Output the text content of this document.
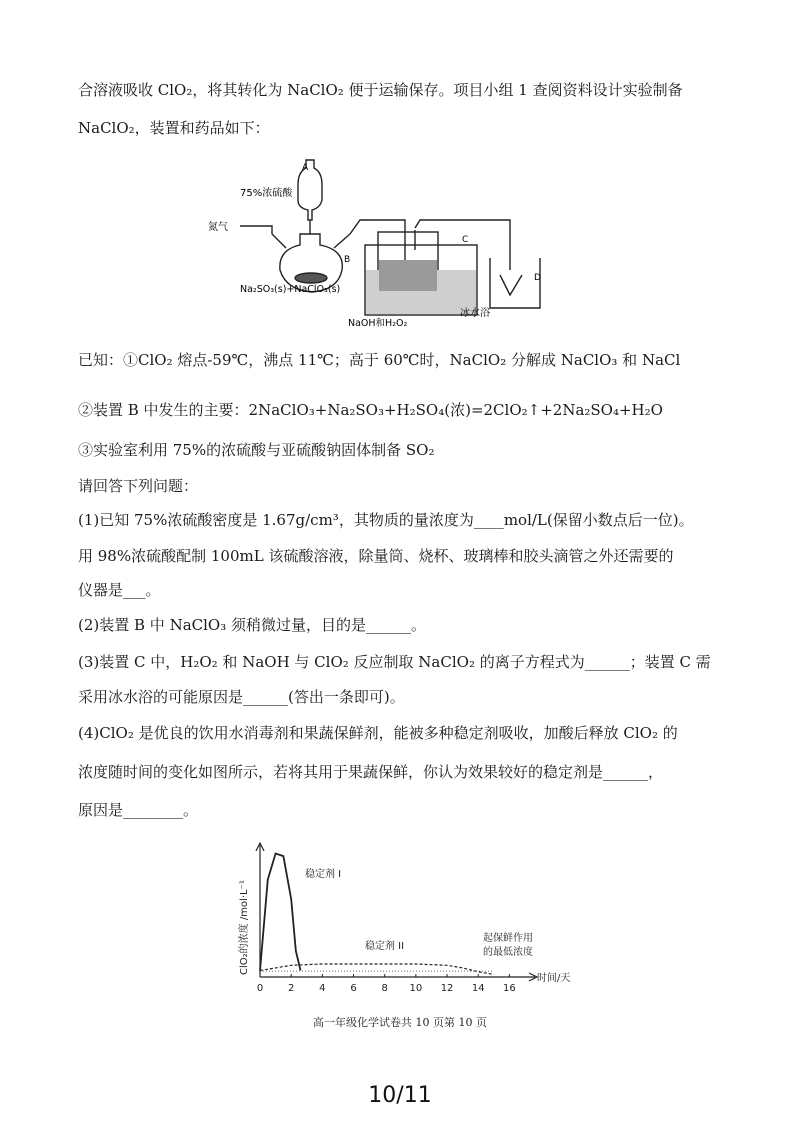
合溶液吸收 ClO₂，将其转化为 NaClO₂ 便于运输保存。项目小组 1 查阅资料设计实验制备
NaClO₂，装置和药品如下：
A
75%浓硫酸
氮气
B
Na₂SO₃(s)+NaClO₃(s)
C
NaOH和H₂O₂
冰水浴
D
已知：①ClO₂ 熔点-59℃，沸点 11℃；高于 60℃时，NaClO₂ 分解成 NaClO₃ 和 NaCl
②装置 B 中发生的主要：2NaClO₃+Na₂SO₃+H₂SO₄(浓)=2ClO₂↑+2Na₂SO₄+H₂O
③实验室利用 75%的浓硫酸与亚硫酸钠固体制备 SO₂
请回答下列问题：
(1)已知 75%浓硫酸密度是 1.67g/cm³，其物质的量浓度为____mol/L(保留小数点后一位)。
用 98%浓硫酸配制 100mL 该硫酸溶液，除量筒、烧杯、玻璃棒和胶头滴管之外还需要的
仪器是___。
(2)装置 B 中 NaClO₃ 须稍微过量，目的是______。
(3)装置 C 中，H₂O₂ 和 NaOH 与 ClO₂ 反应制取 NaClO₂ 的离子方程式为______；装置 C 需
采用冰水浴的可能原因是______(答出一条即可)。
(4)ClO₂ 是优良的饮用水消毒剂和果蔬保鲜剂，能被多种稳定剂吸收，加酸后释放 ClO₂ 的
浓度随时间的变化如图所示，若将其用于果蔬保鲜，你认为效果较好的稳定剂是______，
原因是________。
ClO₂的浓度 /mol·L⁻¹
时间/天
0 2 4 6 8 10 12 14 16
稳定剂 I
稳定剂 II
起保鲜作用
的最低浓度
高一年级化学试卷共 10 页第 10 页
10/11
